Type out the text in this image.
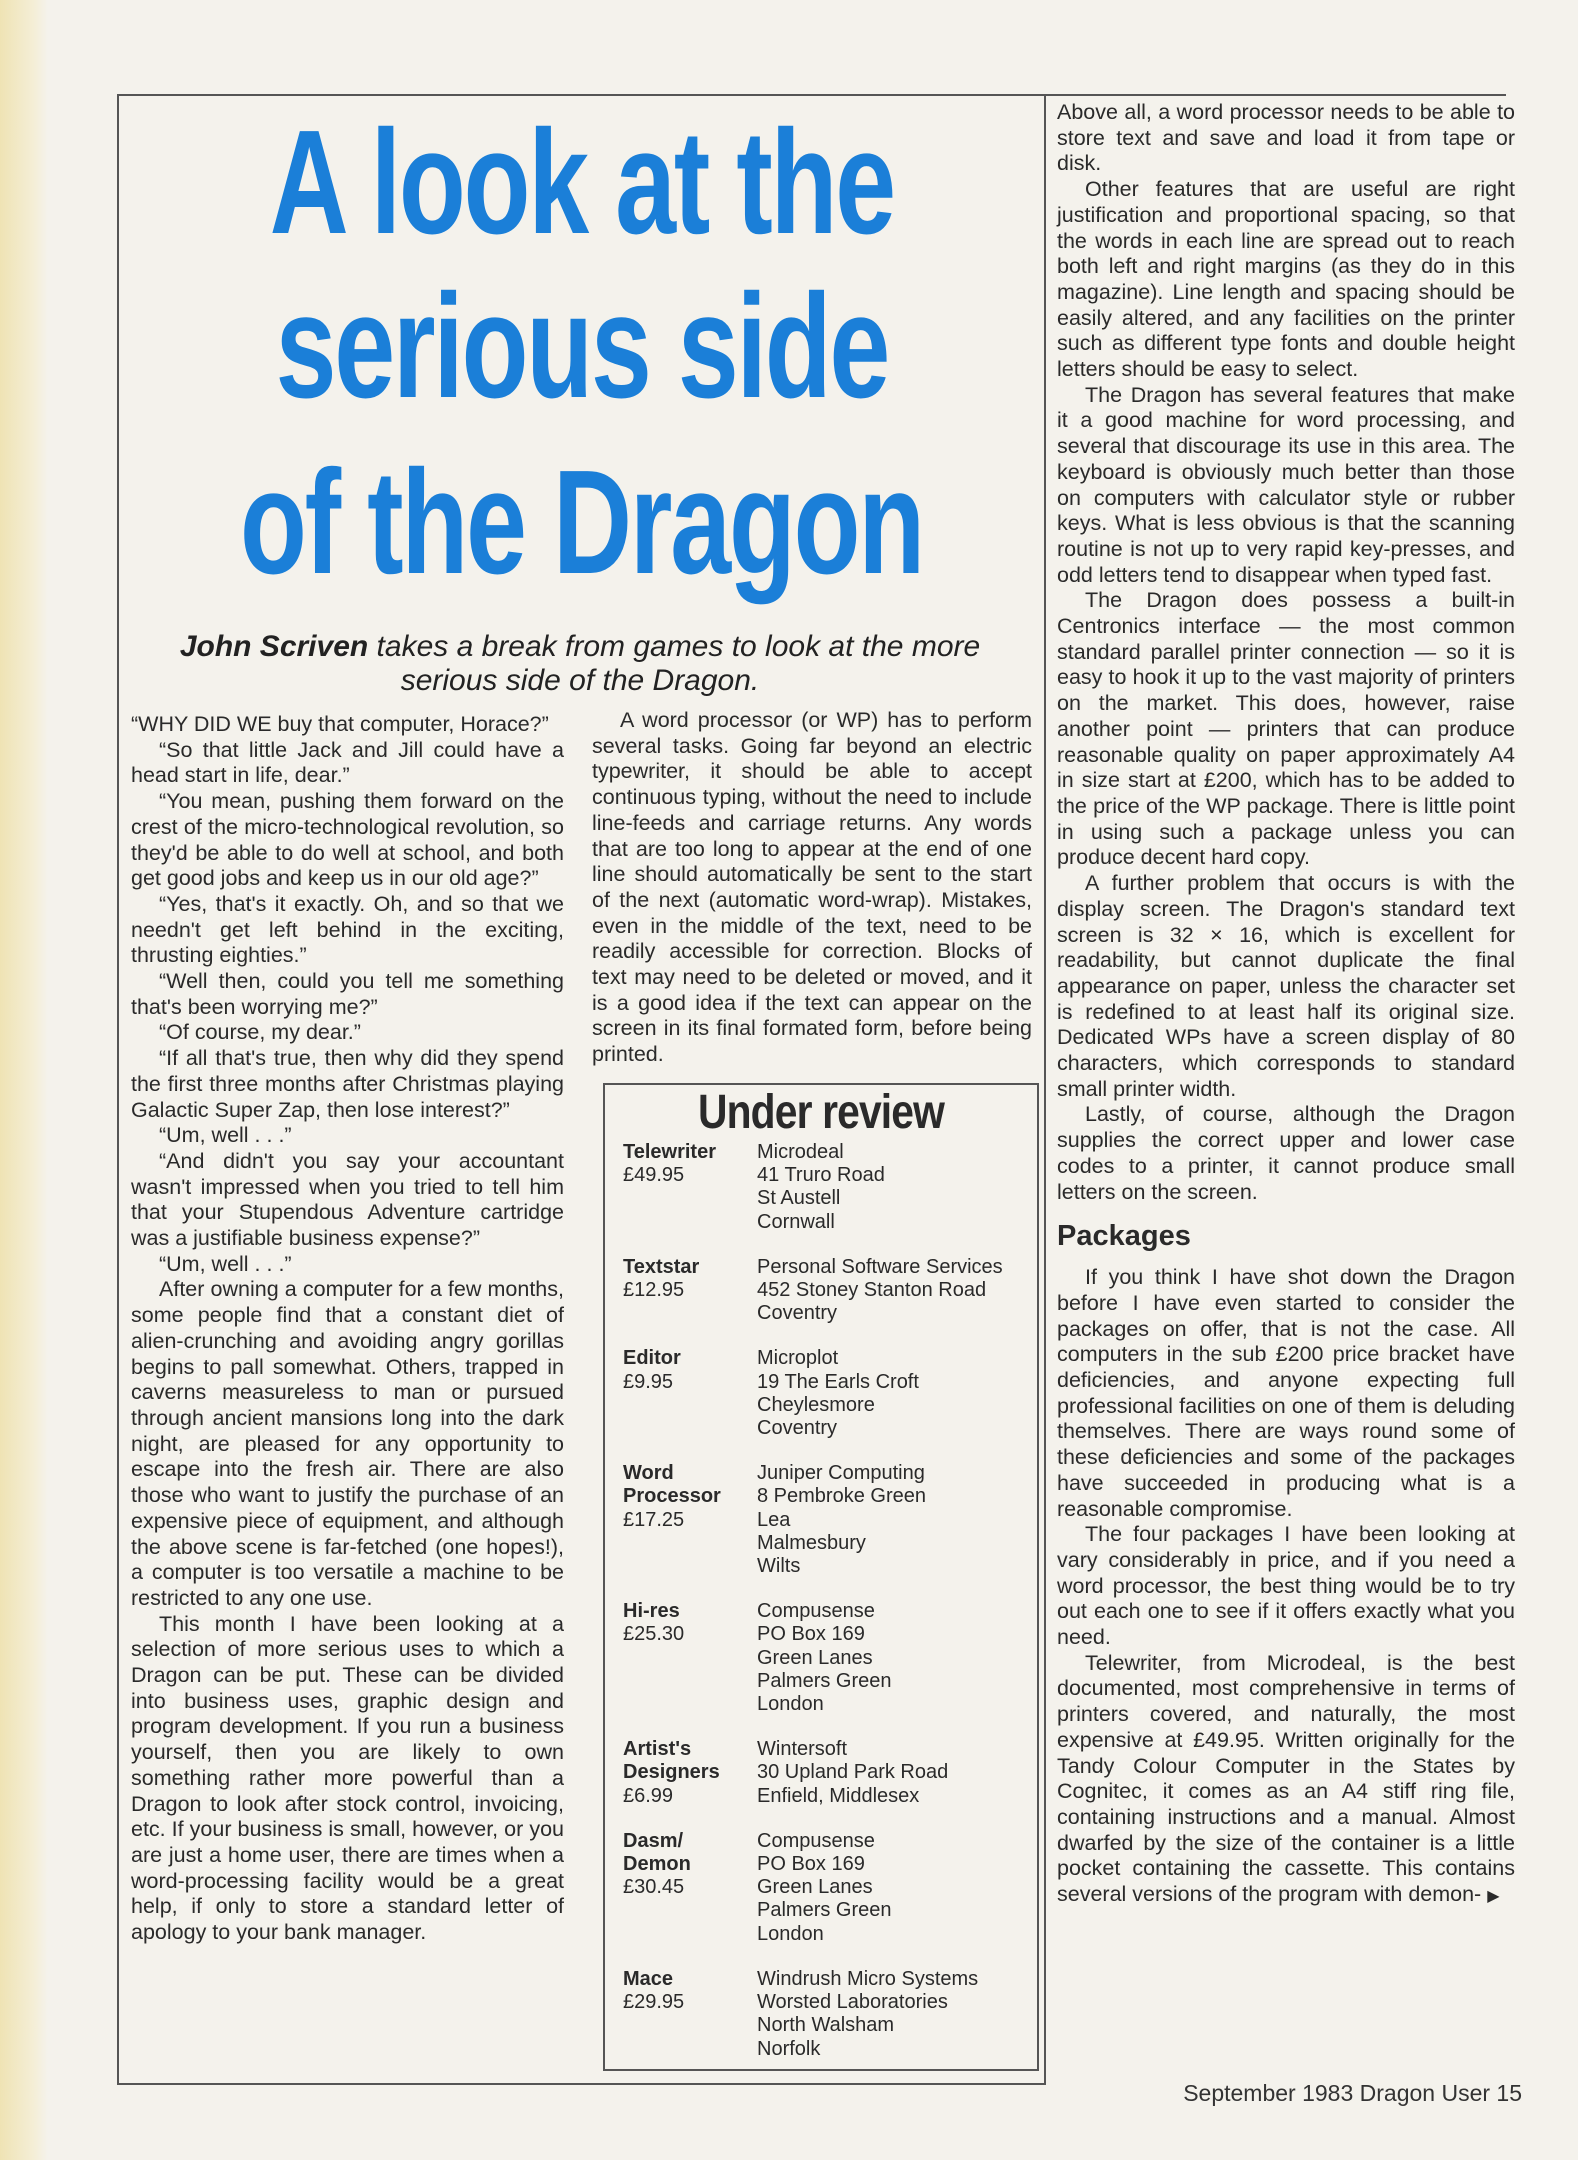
A look at the
serious side
of the Dragon
John Scriven takes a break from games to look at the more serious side of the Dragon.

“WHY DID WE buy that computer, Horace?”

“So that little Jack and Jill could have a head start in life, dear.”

“You mean, pushing them forward on the crest of the micro-technological revolution, so they'd be able to do well at school, and both get good jobs and keep us in our old age?”

“Yes, that's it exactly. Oh, and so that we needn't get left behind in the exciting, thrusting eighties.”

“Well then, could you tell me something that's been worrying me?”

“Of course, my dear.”

“If all that's true, then why did they spend the first three months after Christmas playing Galactic Super Zap, then lose interest?”

“Um, well . . .”

“And didn't you say your accountant wasn't impressed when you tried to tell him that your Stupendous Adventure cartridge was a justifiable business expense?”

“Um, well . . .”

After owning a computer for a few months, some people find that a constant diet of alien-crunching and avoiding angry gorillas begins to pall somewhat. Others, trapped in caverns measureless to man or pursued through ancient mansions long into the dark night, are pleased for any opportunity to escape into the fresh air. There are also those who want to justify the purchase of an expensive piece of equipment, and although the above scene is far-fetched (one hopes!), a computer is too versatile a machine to be restricted to any one use.

This month I have been looking at a selection of more serious uses to which a Dragon can be put. These can be divided into business uses, graphic design and program development. If you run a business yourself, then you are likely to own something rather more powerful than a Dragon to look after stock control, invoicing, etc. If your business is small, however, or you are just a home user, there are times when a word-processing facility would be a great help, if only to store a standard letter of apology to your bank manager.

A word processor (or WP) has to perform several tasks. Going far beyond an electric typewriter, it should be able to accept continuous typing, without the need to include line-feeds and carriage returns. Any words that are too long to appear at the end of one line should automatically be sent to the start of the next (automatic word-wrap). Mistakes, even in the middle of the text, need to be readily accessible for correction. Blocks of text may need to be deleted or moved, and it is a good idea if the text can appear on the screen in its final formated form, before being printed.

Under review
Telewriter
£49.95
Microdeal
41 Truro Road
St Austell
Cornwall
Textstar
£12.95
Personal Software Services
452 Stoney Stanton Road
Coventry
Editor
£9.95
Microplot
19 The Earls Croft
Cheylesmore
Coventry
Word
Processor
£17.25
Juniper Computing
8 Pembroke Green
Lea
Malmesbury
Wilts
Hi-res
£25.30
Compusense
PO Box 169
Green Lanes
Palmers Green
London
Artist's
Designers
£6.99
Wintersoft
30 Upland Park Road
Enfield, Middlesex
Dasm/
Demon
£30.45
Compusense
PO Box 169
Green Lanes
Palmers Green
London
Mace
£29.95
Windrush Micro Systems
Worsted Laboratories
North Walsham
Norfolk

Above all, a word processor needs to be able to store text and save and load it from tape or disk.

Other features that are useful are right justification and proportional spacing, so that the words in each line are spread out to reach both left and right margins (as they do in this magazine). Line length and spacing should be easily altered, and any facilities on the printer such as different type fonts and double height letters should be easy to select.

The Dragon has several features that make it a good machine for word processing, and several that discourage its use in this area. The keyboard is obviously much better than those on computers with calculator style or rubber keys. What is less obvious is that the scanning routine is not up to very rapid key-presses, and odd letters tend to disappear when typed fast.

The Dragon does possess a built-in Centronics interface — the most common standard parallel printer connection — so it is easy to hook it up to the vast majority of printers on the market. This does, however, raise another point — printers that can produce reasonable quality on paper approximately A4 in size start at £200, which has to be added to the price of the WP package. There is little point in using such a package unless you can produce decent hard copy.

A further problem that occurs is with the display screen. The Dragon's standard text screen is 32 × 16, which is excellent for readability, but cannot duplicate the final appearance on paper, unless the character set is redefined to at least half its original size. Dedicated WPs have a screen display of 80 characters, which corresponds to standard small printer width.

Lastly, of course, although the Dragon supplies the correct upper and lower case codes to a printer, it cannot produce small letters on the screen.

Packages

If you think I have shot down the Dragon before I have even started to consider the packages on offer, that is not the case. All computers in the sub £200 price bracket have deficiencies, and anyone expecting full professional facilities on one of them is deluding themselves. There are ways round some of these deficiencies and some of the packages have succeeded in producing what is a reasonable compromise.

The four packages I have been looking at vary considerably in price, and if you need a word processor, the best thing would be to try out each one to see if it offers exactly what you need.

Telewriter, from Microdeal, is the best documented, most comprehensive in terms of printers covered, and naturally, the most expensive at £49.95. Written originally for the Tandy Colour Computer in the States by Cognitec, it comes as an A4 stiff ring file, containing instructions and a manual. Almost dwarfed by the size of the container is a little pocket containing the cassette. This contains several versions of the program with demon- ▶

September 1983 Dragon User 15
